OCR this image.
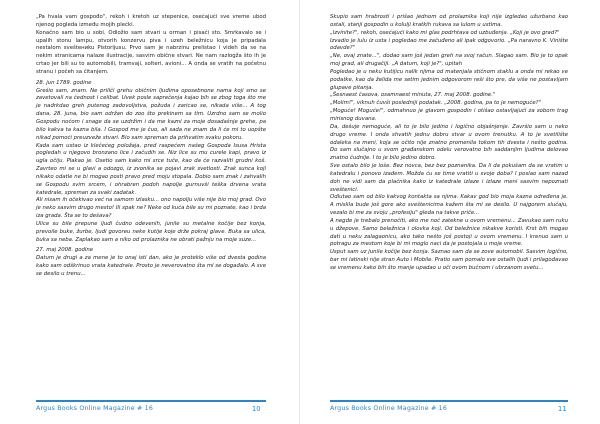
„Pa hvala vam gospođo", rekoh i kretoh uz stepenice, osećajući sve vreme ubod njenog pogleda između mojih plećki.

Konačno sam bio u sobi. Odložio sam stvari u orman i pisaći sto. Smrkavalo se i upalih stonu lampu, otvorih konzervu piva i uzeh beležnicu koja je pripadala nestalom sveštениku Pistorijusu. Prvo sam je nabrzinu prelistao i videh da se na nekim stranicama nalaze ilustracije, sasvim obične stvari. Ne nam razlogža što ih je crtao jer bili su to automobili, tramvaji, solteri, avioni... A onda se vratih na početnu stranu i počeh sa čitanjem.

28. jun 1789. godine

Grešio sam, znam. Ne priliči grehu običnim ljudima oposebnone nama koji smo se zavetovali na čednost i celibat. Uvek posle saprečenja kajao bih se zbog toga što me je nadrkdao greh putenog zadovoljstva, požuda i zaricao se, nikada više... A tog dana, 28. juna, bio sam održan do zoo što prekinem sa tim. Uzrdno sam se molio Gospodu noćom i snage da se uzdržim i da me kazni za moje dosadašnje grehe, pa bilo kakva ta kazna bila. I Gospod me je čuo, ali sada ne znam da li ćе mi to uopšte nikad pomoći preuzveže stvari. Bio sam spreman da prihvatim svaku pokoru.

Kada sam ustao iz klečećeg položaja, pred raspećem našeg Gospoda Isusa Hrista pogledah u njegovo bronzano lice i začudih se. Niz lice su mu curele kapi, pravo iz ugla očiju. Plakao je. Osetio sam kako mi srce tuče, kao da će razvaliti grudni koš. Zavrteo mi se u glavi a odozgo, iz zvonika se pojavi zrak svetlosti. Zrak sunca koji nikako odatle ne bi mogao posti pravo pred moju stopala. Dobio sam znak i zahvalih se Gospodu svim srcem, i ohrabren podoh napolje gurnuvši teška drvena vrata katedrale, spreman za svaki zadatak.

Ali nisam ih očekivao već na samom izlasku... ono napolju više nije bio moj grad. Ovo je neko sasvim drugo mesto! Ili spak ne? Neke od kuća bile su mi poznate, kao i brda iza grada. Šta se to dešava?

Ulice su bile prepune ljudi čudno odevenih, junile su metalne kočije bez konja, prevoile buke, žurbe, ljudi govoreu neke kutije koje drže pokraj glave. Buka sa ulica, buka sa neba. Zaplakao sam a niko od prolaznika ne obrati pažnju na moje suze...

27. maj 2008. godine

Datum je drugi a za mene je to onaj isti dan, ako je proteklo više od dvesta godina kako sam odškrinuo vrata katedrale. Prosto je neverovatno šta mi se događalo. A sve se desilo u trenu...

Argus Books Online Magazine # 16	10

Skupio sam hrabrosti i prišao jednom od prolaznika koji nije izgledao užurbano kao ostali, stanji gospodin u kolulji kratkih rukava sa lulom u ustima.

„Izvinite?", rekoh, osećajući kako mi glas podrhtava od uzbuđenja. „Koji je ovo grad?"

Izvadio je lulu iz usta i pogledao me začuđeno ali ipak odgovorio. „Pa naravno K. Vinište odavde?"

„Ne, ovaj znate...", dodao sam još jedan greh na svoj račun. Slagao sam. Bio je to opak moj grad, ali drugačiji. „A datum, koji je?", upitah

Pogledao je u neku kutijicu nalik njima od matenjala stičnom staklu a onda mi rekao ve podatke, kao da želida me setim jednim odgovorom reši što pre, da više ne postavljam glupave pitanja.

„Šesnaest časova, osamnaest minuta, 27. maj 2008. godine."

„Molim!", viknuh čuvši posledniji podatak. „2008. godina, pa to je nemoguće?"

„Moguće! Moguće!", odmahnuo je glavom gospodin i otišao ostavljajući za sobom trag mirisnog duvana.

Da, dešuje nemoguće, ali to je bilo jedino i logično objašnjenje. Završio sam u neko drugo vreme. I onda shvatih jednu dobru stvar u ovom trenutku. A to je svetilište odaleka na meni, koja se očito nije znatno promenila tokom tih dvesta i nešto godina. Do sam slučajno u svom građanskom odelu verovatno bih saddanjim ljudima delovao znatno čudnije. I to je bilo jedino dobro.

Sve ostalo bilo je loše. Bez novca, bez bez poznanika. Da li da pokušam da se vratim u katedralu i ponovo izađem. Možda ću se time vratiti u svoje doba? I poslao sam nazad doh ne vidi sam da plačnika kako iz katedrale izlaze i izlaze meni sasvim nepoznati sveštenici.

Odlutao sam od bilo kakvog kontakta sa njima. Kakav god bio moja kazna određena je. A mislila bude još gore ako sveštenicima kažem šta mi se desilo. U najgorem slučaju, vezalo bi me za svoju „profesiju" gleda na takve priče...

A negde je trebalo prenoćiti, ako me noć zatekne u ovom vremenu... Zavukao sam ruku u džepove. Samo beležnica i olovka koji. Od beležnice nikakve koristi. Krst bih mogao dati u neku zalagaonicu, ako tako nešto još postoji u ovom vremenu. I krenuo sam u potragu za mestom koje bi mi moglo naci da je postojala u moje vreme.

Usput sam uz junile kočije bez konja. Saznao sam da se zove automobil. Sasvim logično, bar mi latinski nije stran Auto i Mobile. Pratio sam pomalo sve ostalih ljudi i prilagođavao se vremenu kako bih što manje upadao u oči ovom bučnom i ubrzanom svetu...

Argus Books Online Magazine # 16	11
